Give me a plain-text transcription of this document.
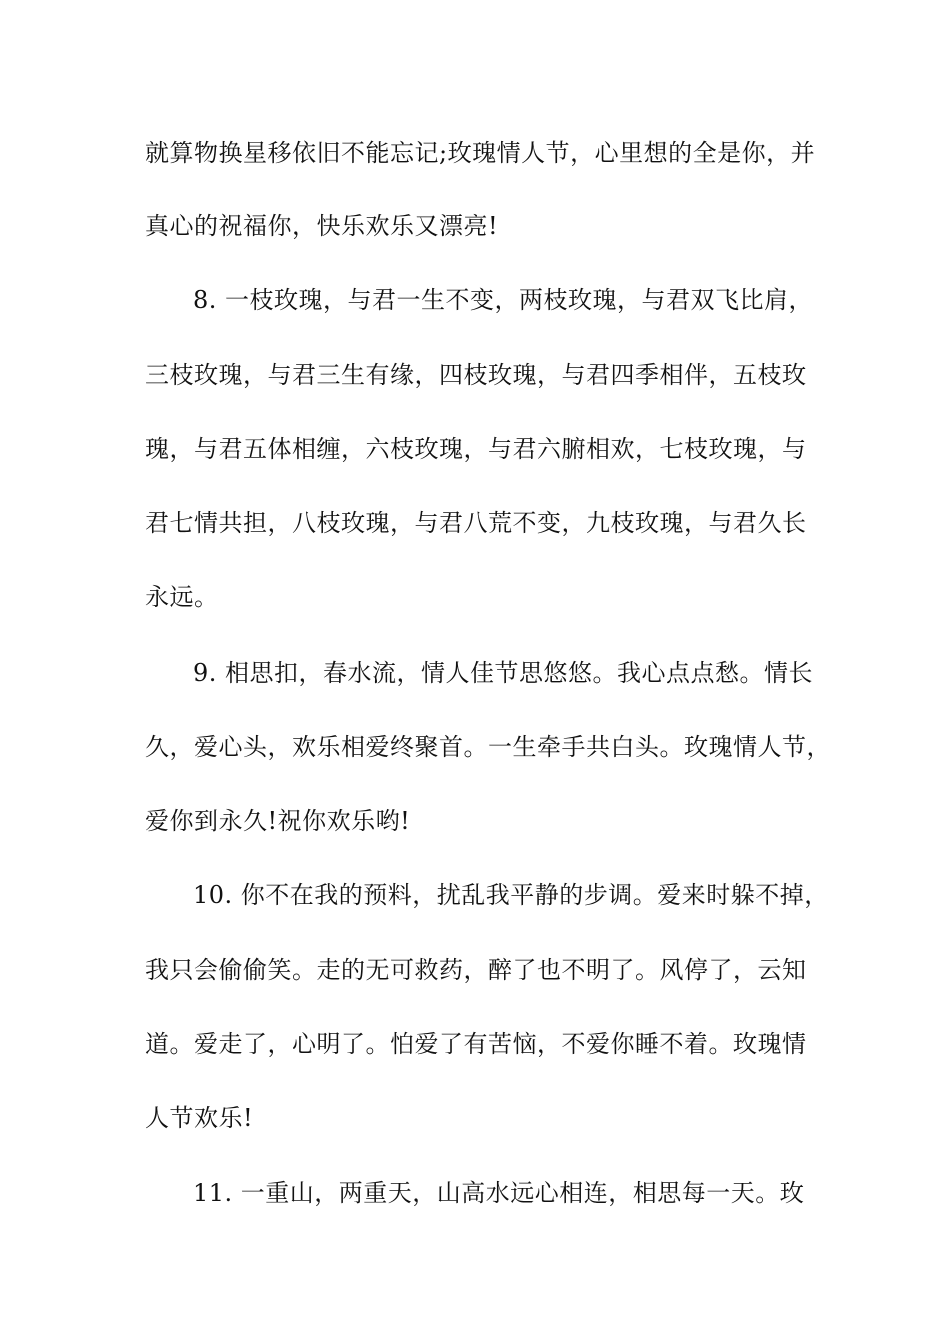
就算物换星移依旧不能忘记;玫瑰情人节，心里想的全是你，并
真心的祝福你，快乐欢乐又漂亮!
8. 一枝玫瑰，与君一生不变，两枝玫瑰，与君双飞比肩，
三枝玫瑰，与君三生有缘，四枝玫瑰，与君四季相伴，五枝玫
瑰，与君五体相缠，六枝玫瑰，与君六腑相欢，七枝玫瑰，与
君七情共担，八枝玫瑰，与君八荒不变，九枝玫瑰，与君久长
永远。
9. 相思扣，春水流，情人佳节思悠悠。我心点点愁。情长
久，爱心头，欢乐相爱终聚首。一生牵手共白头。玫瑰情人节，
爱你到永久!祝你欢乐哟!
10. 你不在我的预料，扰乱我平静的步调。爱来时躲不掉，
我只会偷偷笑。走的无可救药，醉了也不明了。风停了，云知
道。爱走了，心明了。怕爱了有苦恼，不爱你睡不着。玫瑰情
人节欢乐!
11. 一重山，两重天，山高水远心相连，相思每一天。玫
